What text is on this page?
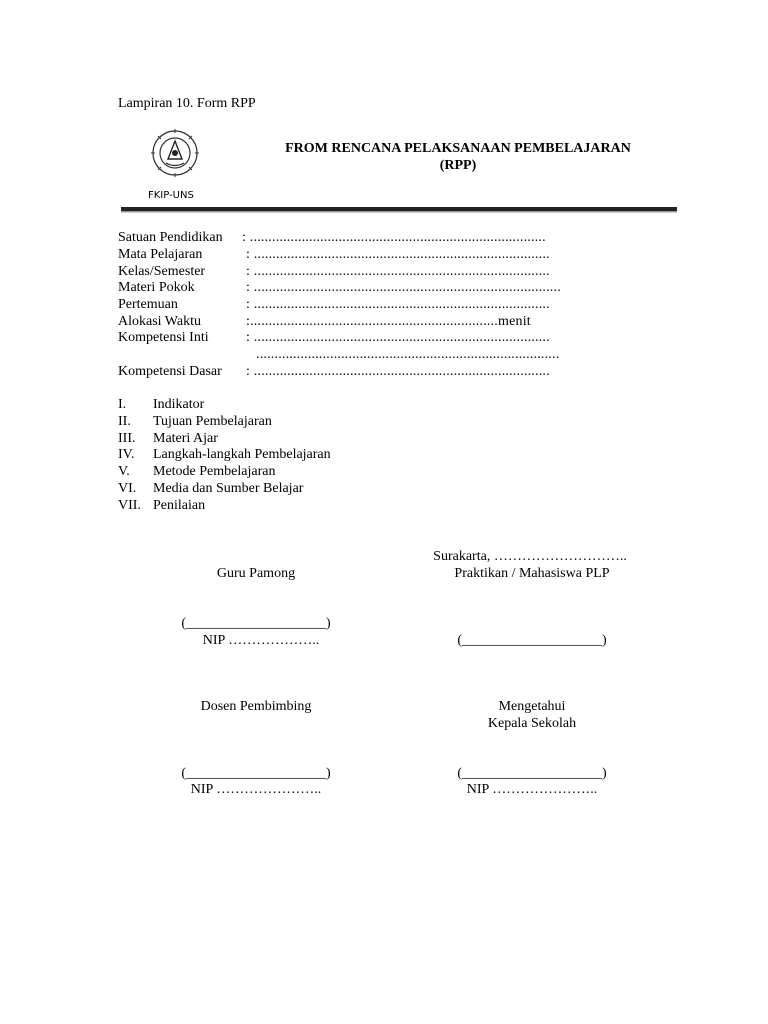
Lampiran 10. Form RPP
FKIP-UNS
FROM RENCANA PELAKSANAAN PEMBELAJARAN
(RPP)
Satuan Pendidikan : ................................................................................
Mata Pelajaran	: ................................................................................
Kelas/Semester	: ................................................................................
Materi Pokok	: ...................................................................................
Pertemuan	: ................................................................................
Alokasi Waktu	:...................................................................menit
Kompetensi Inti	: ................................................................................
..................................................................................
Kompetensi Dasar : ................................................................................
I. Indikator
II. Tujuan Pembelajaran
III. Materi Ajar
IV. Langkah-langkah Pembelajaran
V. Metode Pembelajaran
VI. Media dan Sumber Belajar
VII. Penilaian
Surakarta, ………………………..
Guru Pamong	Praktikan / Mahasiswa PLP
(____________________)
NIP ………………..	(____________________)
Dosen Pembimbing	Mengetahui
Kepala Sekolah
(____________________)
NIP …………………..
(____________________)
NIP …………………..
